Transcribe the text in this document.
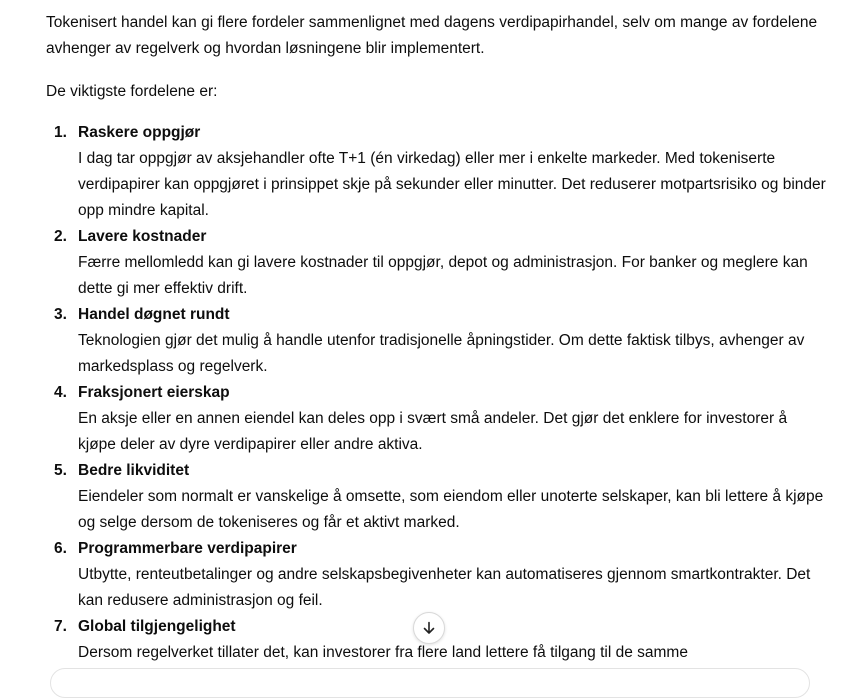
Tokenisert handel kan gi flere fordeler sammenlignet med dagens verdipapirhandel, selv om mange av fordelene avhenger av regelverk og hvordan løsningene blir implementert.

De viktigste fordelene er:

1. Raskere oppgjør
I dag tar oppgjør av aksjehandler ofte T+1 (én virkedag) eller mer i enkelte markeder. Med tokeniserte verdipapirer kan oppgjøret i prinsippet skje på sekunder eller minutter. Det reduserer motpartsrisiko og binder opp mindre kapital.
2. Lavere kostnader
Færre mellomledd kan gi lavere kostnader til oppgjør, depot og administrasjon. For banker og meglere kan dette gi mer effektiv drift.
3. Handel døgnet rundt
Teknologien gjør det mulig å handle utenfor tradisjonelle åpningstider. Om dette faktisk tilbys, avhenger av markedsplass og regelverk.
4. Fraksjonert eierskap
En aksje eller en annen eiendel kan deles opp i svært små andeler. Det gjør det enklere for investorer å kjøpe deler av dyre verdipapirer eller andre aktiva.
5. Bedre likviditet
Eiendeler som normalt er vanskelige å omsette, som eiendom eller unoterte selskaper, kan bli lettere å kjøpe og selge dersom de tokeniseres og får et aktivt marked.
6. Programmerbare verdipapirer
Utbytte, renteutbetalinger og andre selskapsbegivenheter kan automatiseres gjennom smartkontrakter. Det kan redusere administrasjon og feil.
7. Global tilgjengelighet
Dersom regelverket tillater det, kan investorer fra flere land lettere få tilgang til de samme
